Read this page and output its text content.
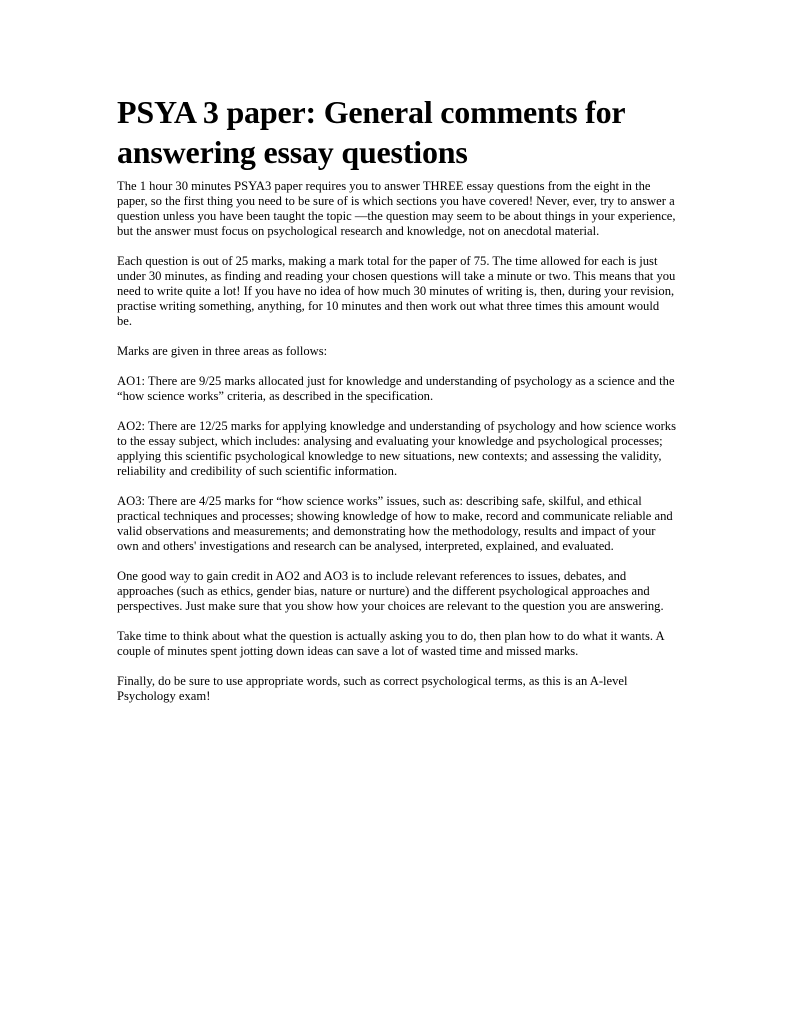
PSYA 3 paper: General comments for answering essay questions

The 1 hour 30 minutes PSYA3 paper requires you to answer THREE essay questions from the eight in the paper, so the first thing you need to be sure of is which sections you have covered! Never, ever, try to answer a question unless you have been taught the topic —the question may seem to be about things in your experience, but the answer must focus on psychological research and knowledge, not on anecdotal material.

Each question is out of 25 marks, making a mark total for the paper of 75. The time allowed for each is just under 30 minutes, as finding and reading your chosen questions will take a minute or two. This means that you need to write quite a lot! If you have no idea of how much 30 minutes of writing is, then, during your revision, practise writing something, anything, for 10 minutes and then work out what three times this amount would be.

Marks are given in three areas as follows:

AO1: There are 9/25 marks allocated just for knowledge and understanding of psychology as a science and the “how science works” criteria, as described in the specification.

AO2: There are 12/25 marks for applying knowledge and understanding of psychology and how science works to the essay subject, which includes: analysing and evaluating your knowledge and psychological processes; applying this scientific psychological knowledge to new situations, new contexts; and assessing the validity, reliability and credibility of such scientific information.

AO3: There are 4/25 marks for “how science works” issues, such as: describing safe, skilful, and ethical practical techniques and processes; showing knowledge of how to make, record and communicate reliable and valid observations and measurements; and demonstrating how the methodology, results and impact of your own and others' investigations and research can be analysed, interpreted, explained, and evaluated.

One good way to gain credit in AO2 and AO3 is to include relevant references to issues, debates, and approaches (such as ethics, gender bias, nature or nurture) and the different psychological approaches and perspectives. Just make sure that you show how your choices are relevant to the question you are answering.

Take time to think about what the question is actually asking you to do, then plan how to do what it wants. A couple of minutes spent jotting down ideas can save a lot of wasted time and missed marks.

Finally, do be sure to use appropriate words, such as correct psychological terms, as this is an A-level Psychology exam!
